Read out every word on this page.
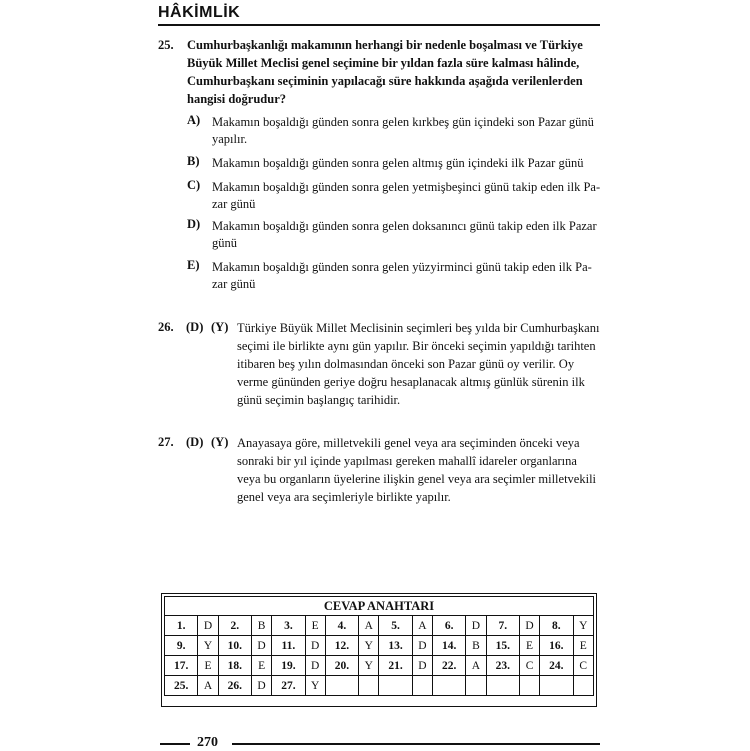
HÂKİMLİK
25. Cumhurbaşkanlığı makamının herhangi bir nedenle boşalması ve Türkiye
Büyük Millet Meclisi genel seçimine bir yıldan fazla süre kalması hâlinde,
Cumhurbaşkanı seçiminin yapılacağı süre hakkında aşağıda verilenlerden
hangisi doğrudur?
A) Makamın boşaldığı günden sonra gelen kırkbeş gün içindeki son Pazar günü
yapılır.
B) Makamın boşaldığı günden sonra gelen altmış gün içindeki ilk Pazar günü
C) Makamın boşaldığı günden sonra gelen yetmişbeşinci günü takip eden ilk Pa-
zar günü
D) Makamın boşaldığı günden sonra gelen doksanıncı günü takip eden ilk Pazar
günü
E) Makamın boşaldığı günden sonra gelen yüzyirminci günü takip eden ilk Pa-
zar günü
26. (D) (Y) Türkiye Büyük Millet Meclisinin seçimleri beş yılda bir Cumhurbaşkanı
seçimi ile birlikte aynı gün yapılır. Bir önceki seçimin yapıldığı tarihten
itibaren beş yılın dolmasından önceki son Pazar günü oy verilir. Oy
verme gününden geriye doğru hesaplanacak altmış günlük sürenin ilk
günü seçimin başlangıç tarihidir.
27. (D) (Y) Anayasaya göre, milletvekili genel veya ara seçiminden önceki veya
sonraki bir yıl içinde yapılması gereken mahallî idareler organlarına
veya bu organların üyelerine ilişkin genel veya ara seçimler milletvekili
genel veya ara seçimleriyle birlikte yapılır.
CEVAP ANAHTARI															
1.	D	2.	B	3.	E	4.	A	5.	A	6.	D	7.	D	8.	Y
9.	Y	10.	D	11.	D	12.	Y	13.	D	14.	B	15.	E	16.	E
17.	E	18.	E	19.	D	20.	Y	21.	D	22.	A	23.	C	24.	C
25.	A	26.	D	27.	Y										
270
